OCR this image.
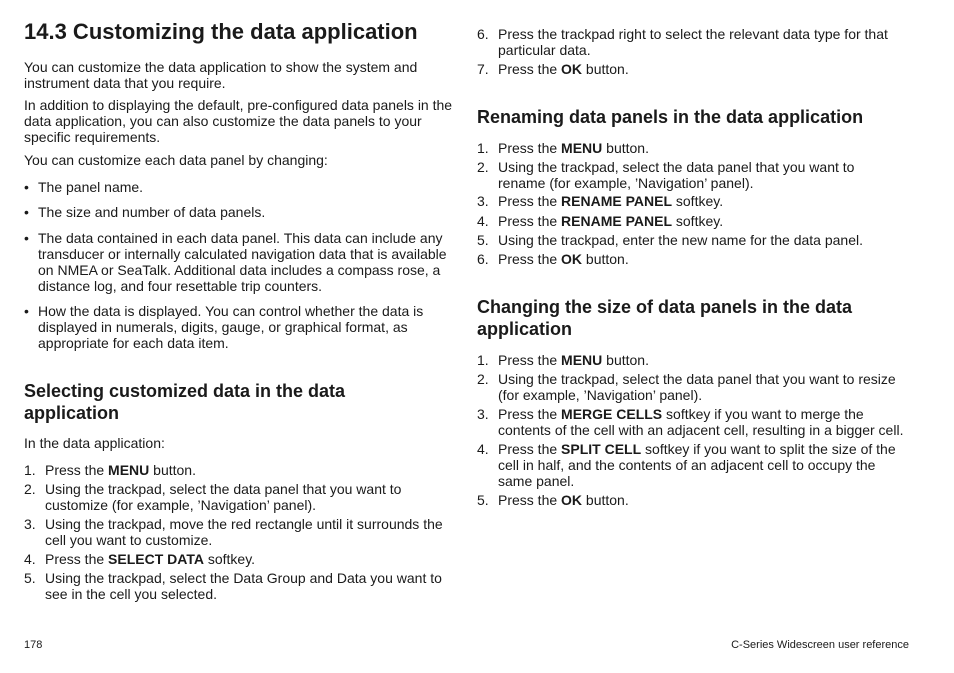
14.3 Customizing the data application
You can customize the data application to show the system and instrument data that you require.
In addition to displaying the default, pre-configured data panels in the data application, you can also customize the data panels to your specific requirements.
You can customize each data panel by changing:
• The panel name.
• The size and number of data panels.
• The data contained in each data panel. This data can include any transducer or internally calculated navigation data that is available on NMEA or SeaTalk. Additional data includes a compass rose, a distance log, and four resettable trip counters.
• How the data is displayed. You can control whether the data is displayed in numerals, digits, gauge, or graphical format, as appropriate for each data item.
Selecting customized data in the data application
In the data application:
1. Press the MENU button.
2. Using the trackpad, select the data panel that you want to customize (for example, ’Navigation’ panel).
3. Using the trackpad, move the red rectangle until it surrounds the cell you want to customize.
4. Press the SELECT DATA softkey.
5. Using the trackpad, select the Data Group and Data you want to see in the cell you selected.
178
6. Press the trackpad right to select the relevant data type for that particular data.
7. Press the OK button.
Renaming data panels in the data application
1. Press the MENU button.
2. Using the trackpad, select the data panel that you want to rename (for example, ’Navigation’ panel).
3. Press the RENAME PANEL softkey.
4. Press the RENAME PANEL softkey.
5. Using the trackpad, enter the new name for the data panel.
6. Press the OK button.
Changing the size of data panels in the data application
1. Press the MENU button.
2. Using the trackpad, select the data panel that you want to resize (for example, ’Navigation’ panel).
3. Press the MERGE CELLS softkey if you want to merge the contents of the cell with an adjacent cell, resulting in a bigger cell.
4. Press the SPLIT CELL softkey if you want to split the size of the cell in half, and the contents of an adjacent cell to occupy the same panel.
5. Press the OK button.
C-Series Widescreen user reference
